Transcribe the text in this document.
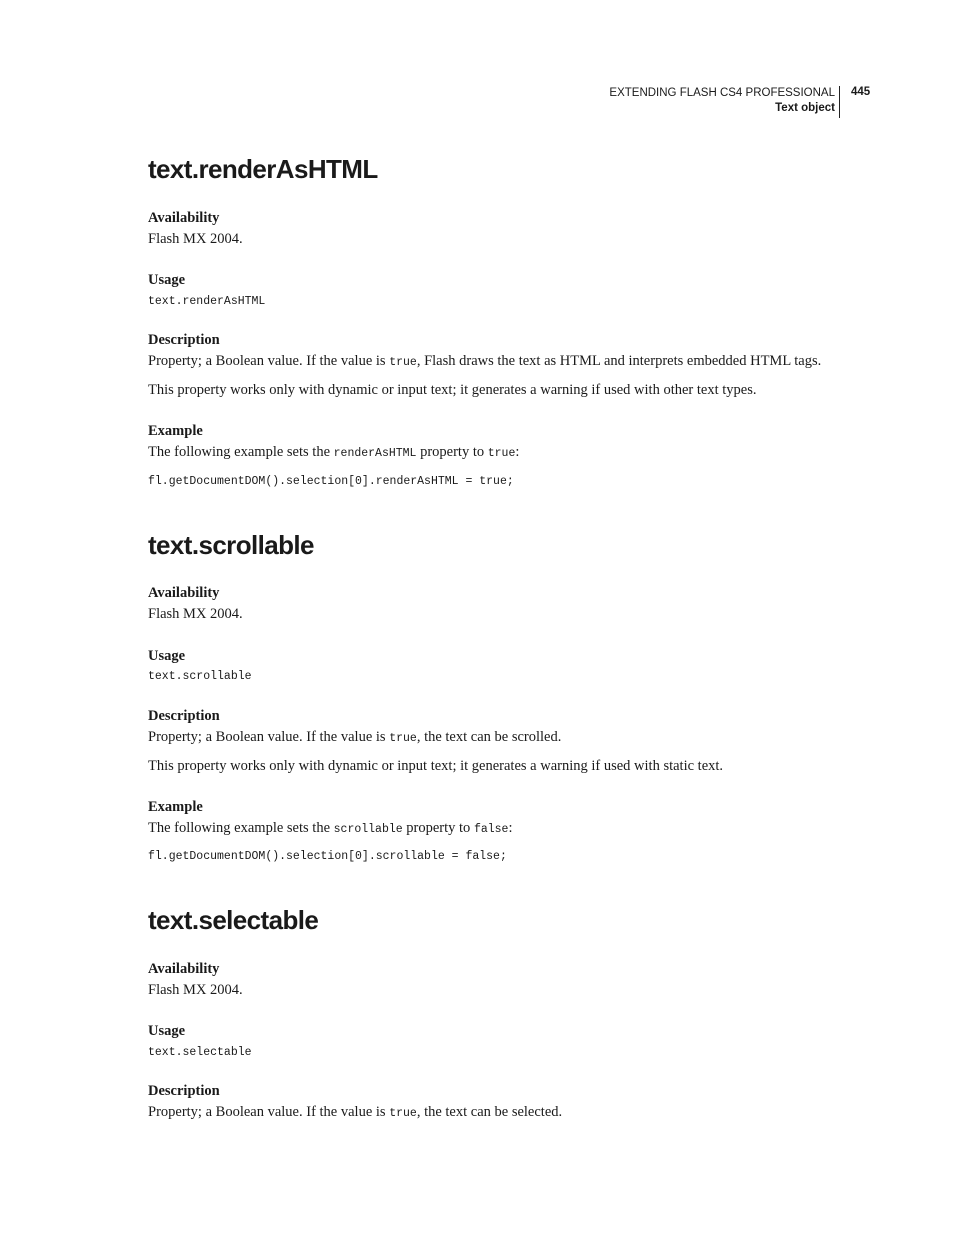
EXTENDING FLASH CS4 PROFESSIONAL
Text object
445
text.renderAsHTML
Availability
Flash MX 2004.
Usage
text.renderAsHTML
Description
Property; a Boolean value. If the value is true, Flash draws the text as HTML and interprets embedded HTML tags.
This property works only with dynamic or input text; it generates a warning if used with other text types.
Example
The following example sets the renderAsHTML property to true:
fl.getDocumentDOM().selection[0].renderAsHTML = true;
text.scrollable
Availability
Flash MX 2004.
Usage
text.scrollable
Description
Property; a Boolean value. If the value is true, the text can be scrolled.
This property works only with dynamic or input text; it generates a warning if used with static text.
Example
The following example sets the scrollable property to false:
fl.getDocumentDOM().selection[0].scrollable = false;
text.selectable
Availability
Flash MX 2004.
Usage
text.selectable
Description
Property; a Boolean value. If the value is true, the text can be selected.
